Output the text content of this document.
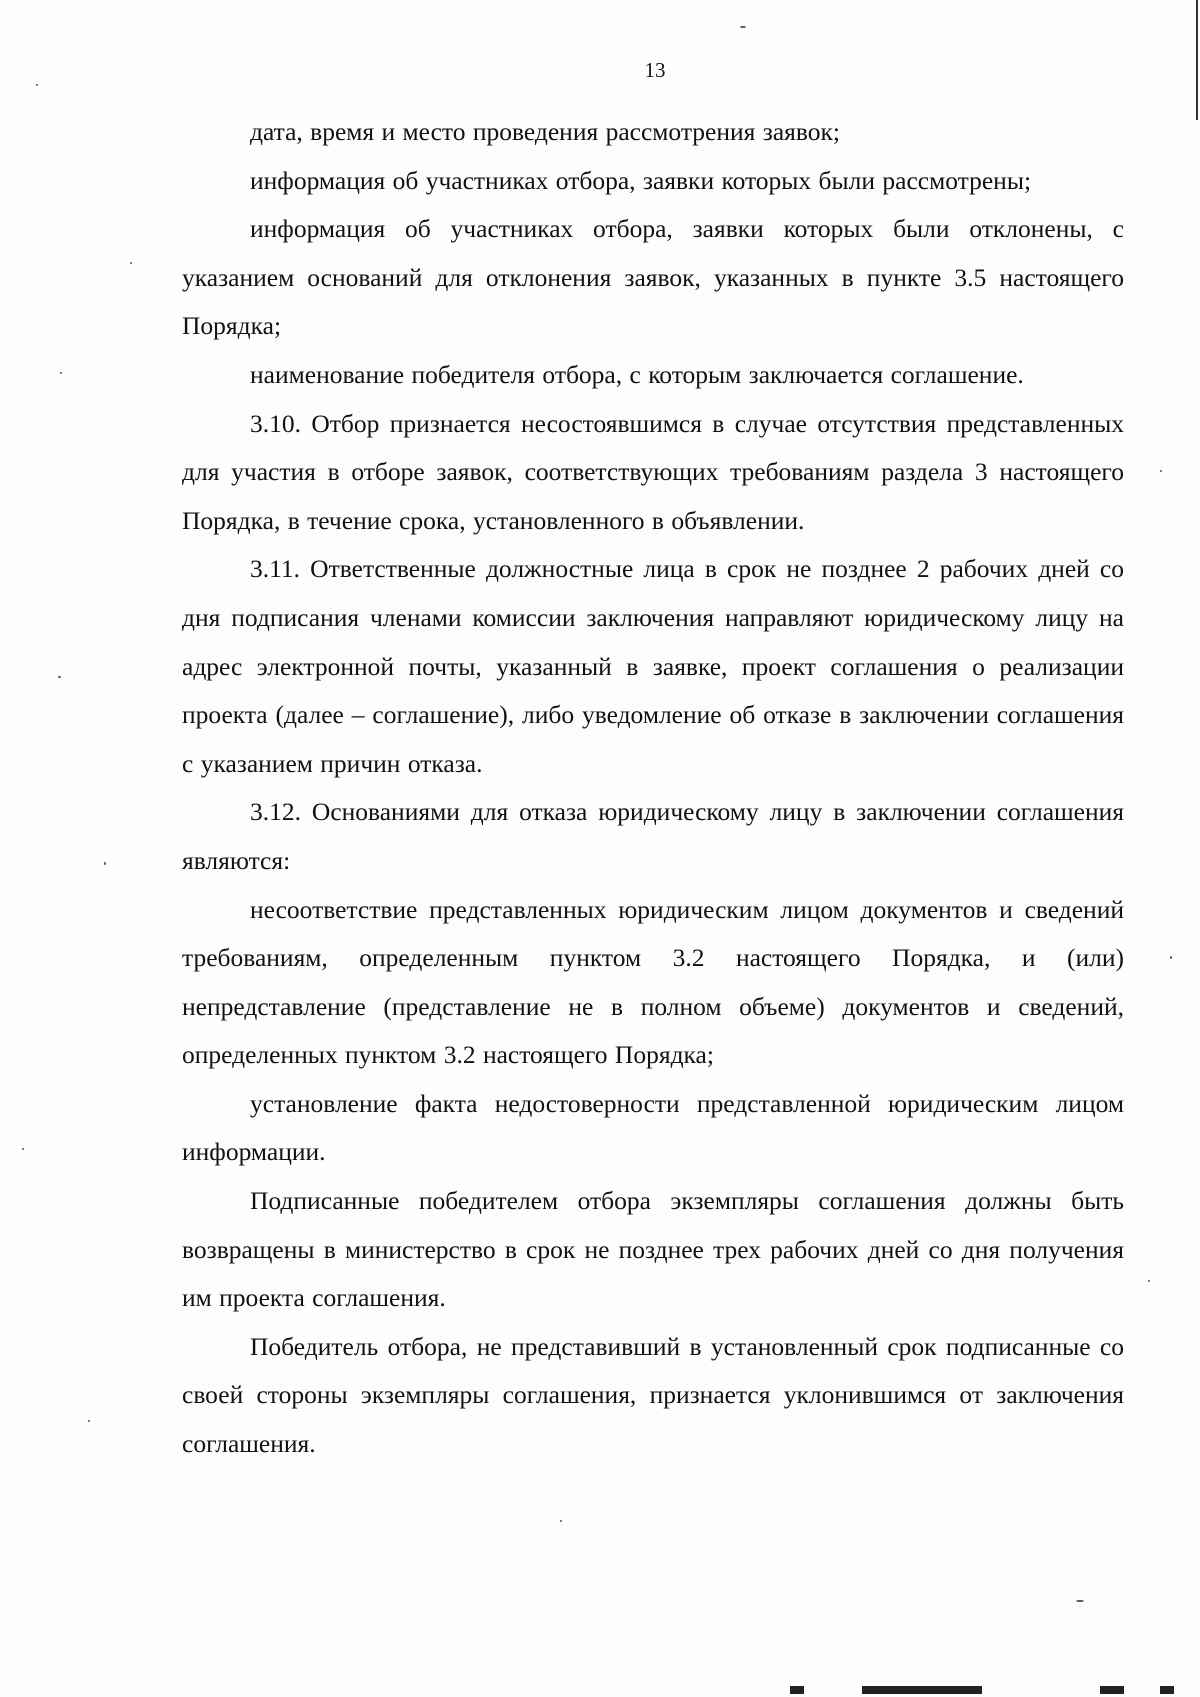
13

дата, время и место проведения рассмотрения заявок;

информация об участниках отбора, заявки которых были рассмотрены;

информация об участниках отбора, заявки которых были отклонены, с указанием оснований для отклонения заявок, указанных в пункте 3.5 настоящего Порядка;

наименование победителя отбора, с которым заключается соглашение.

3.10. Отбор признается несостоявшимся в случае отсутствия представленных для участия в отборе заявок, соответствующих требованиям раздела 3 настоящего Порядка, в течение срока, установленного в объявлении.

3.11. Ответственные должностные лица в срок не позднее 2 рабочих дней со дня подписания членами комиссии заключения направляют юридическому лицу на адрес электронной почты, указанный в заявке, проект соглашения о реализации проекта (далее – соглашение), либо уведомление об отказе в заключении соглашения с указанием причин отказа.

3.12. Основаниями для отказа юридическому лицу в заключении соглашения являются:

несоответствие представленных юридическим лицом документов и сведений требованиям, определенным пунктом 3.2 настоящего Порядка, и (или) непредставление (представление не в полном объеме) документов и сведений, определенных пунктом 3.2 настоящего Порядка;

установление факта недостоверности представленной юридическим лицом информации.

Подписанные победителем отбора экземпляры соглашения должны быть возвращены в министерство в срок не позднее трех рабочих дней со дня получения им проекта соглашения.

Победитель отбора, не представивший в установленный срок подписанные со своей стороны экземпляры соглашения, признается уклонившимся от заключения соглашения.
